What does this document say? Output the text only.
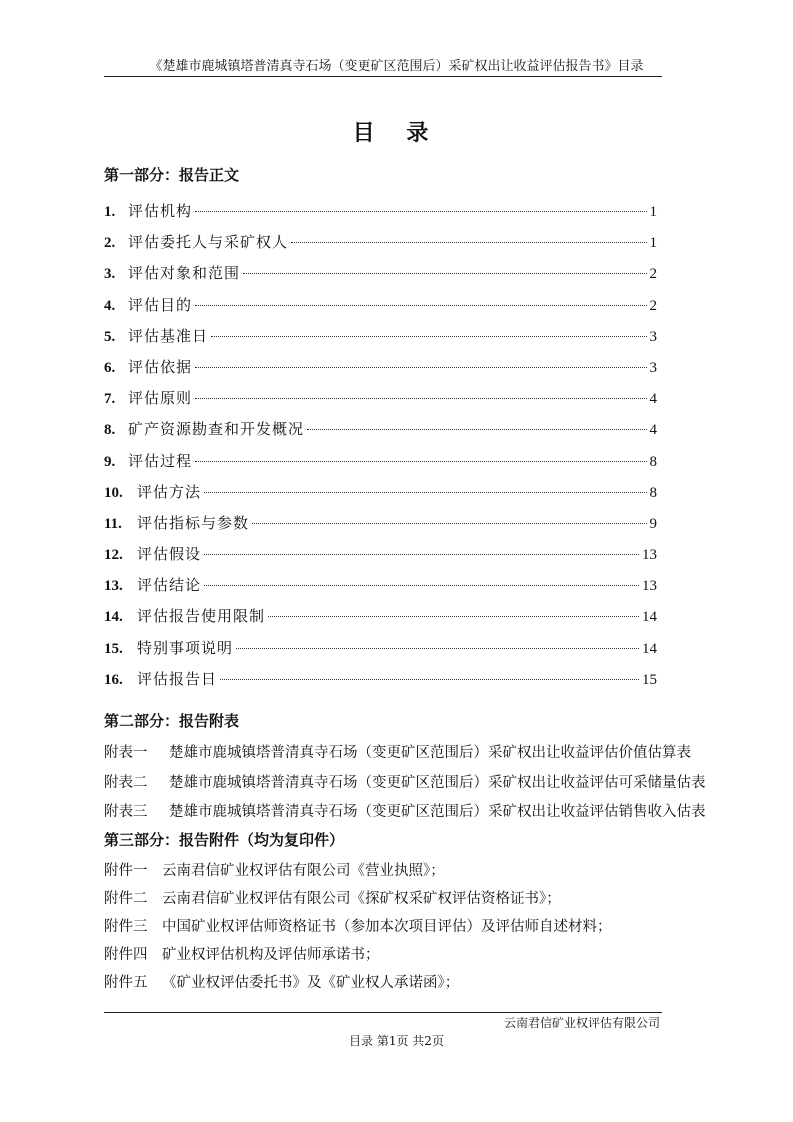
《楚雄市鹿城镇塔普清真寺石场（变更矿区范围后）采矿权出让收益评估报告书》目录
目 录
第一部分：报告正文
1. 评估机构	1
2. 评估委托人与采矿权人	1
3. 评估对象和范围	2
4. 评估目的	2
5. 评估基准日	3
6. 评估依据	3
7. 评估原则	4
8. 矿产资源勘查和开发概况	4
9. 评估过程	8
10. 评估方法	8
11.	评估指标与参数	9
12. 评估假设	13
13. 评估结论	13
14. 评估报告使用限制	14
15. 特别事项说明	14
16. 评估报告日	15
第二部分：报告附表
附表一	楚雄市鹿城镇塔普清真寺石场（变更矿区范围后）采矿权出让收益评估价值估算表
附表二	楚雄市鹿城镇塔普清真寺石场（变更矿区范围后）采矿权出让收益评估可采储量估表
附表三	楚雄市鹿城镇塔普清真寺石场（变更矿区范围后）采矿权出让收益评估销售收入估表
第三部分：报告附件（均为复印件）
附件一	云南君信矿业权评估有限公司《营业执照》；
附件二	云南君信矿业权评估有限公司《探矿权采矿权评估资格证书》；
附件三	中国矿业权评估师资格证书（参加本次项目评估）及评估师自述材料；
附件四	矿业权评估机构及评估师承诺书；
附件五	《矿业权评估委托书》及《矿业权人承诺函》；
云南君信矿业权评估有限公司
目录 第1页 共2页
